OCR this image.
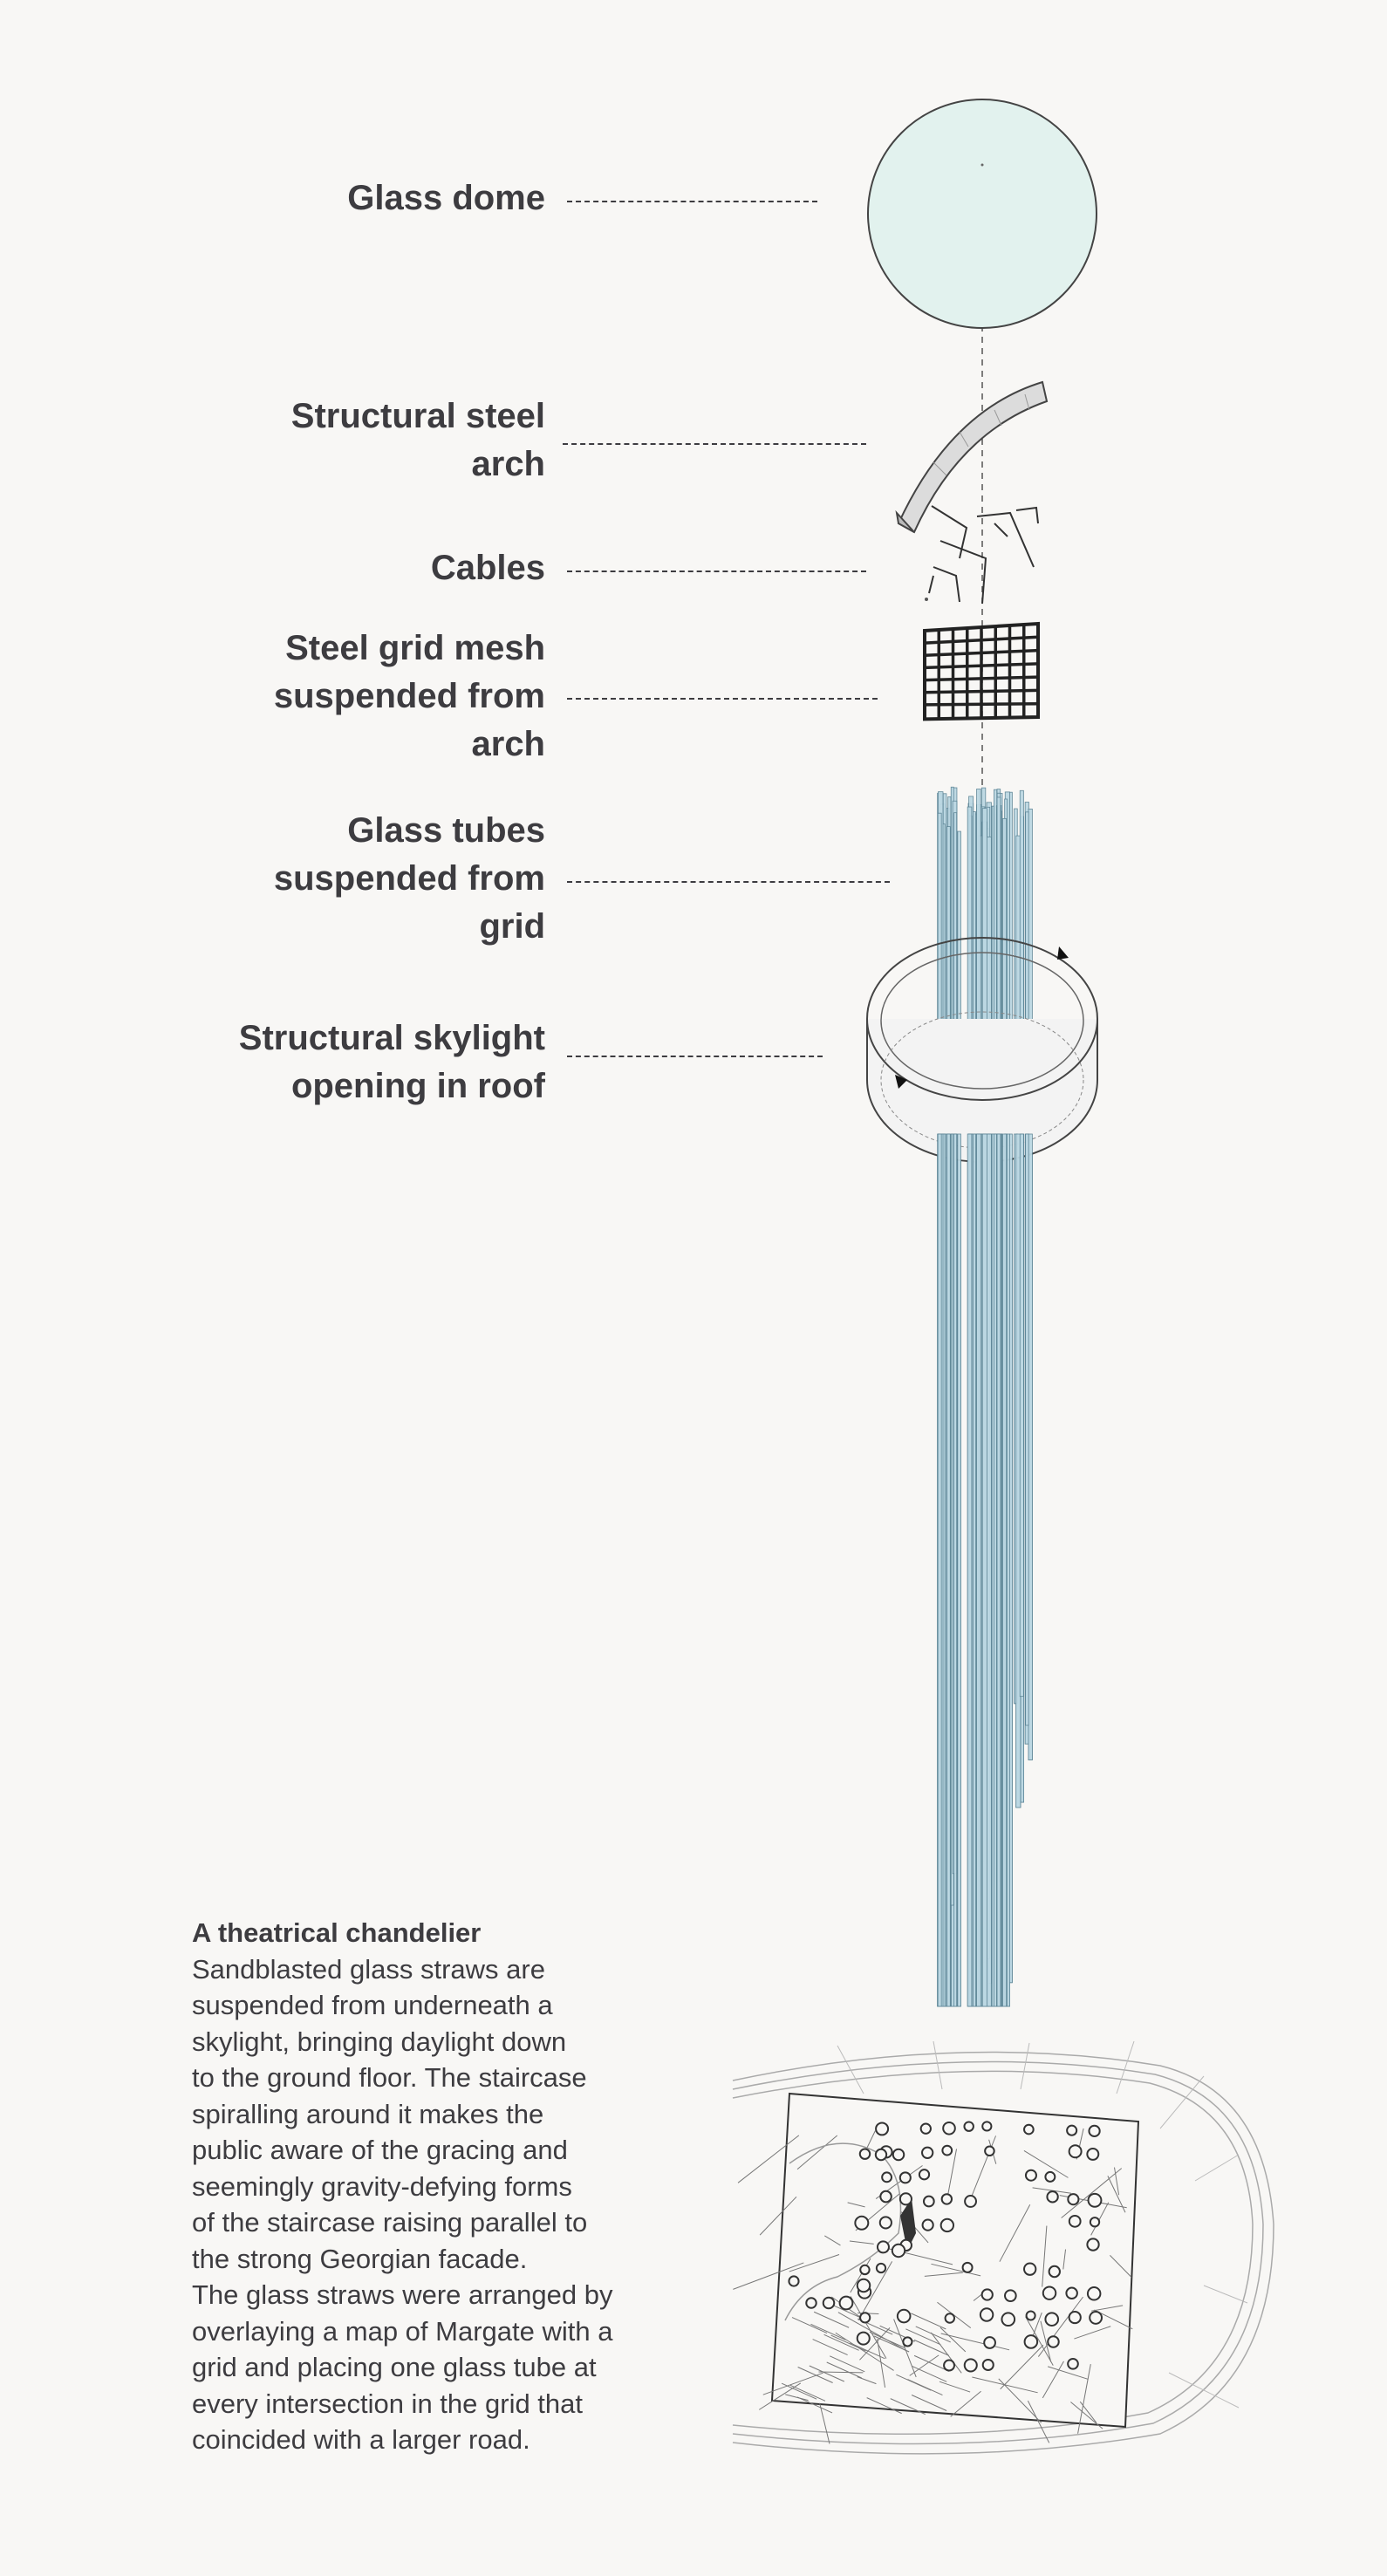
Glass dome
Structural steel
arch
Cables
Steel grid mesh
suspended from
arch
Glass tubes
suspended from
grid
Structural skylight
opening in roof
A theatrical chandelier
Sandblasted glass straws are
suspended from underneath a
skylight, bringing daylight down
to the ground floor. The staircase
spiralling around it makes the
public aware of the gracing and
seemingly gravity-defying forms
of the staircase raising parallel to
the strong Georgian facade.
The glass straws were arranged by
overlaying a map of Margate with a
grid and placing one glass tube at
every intersection in the grid that
coincided with a larger road.
